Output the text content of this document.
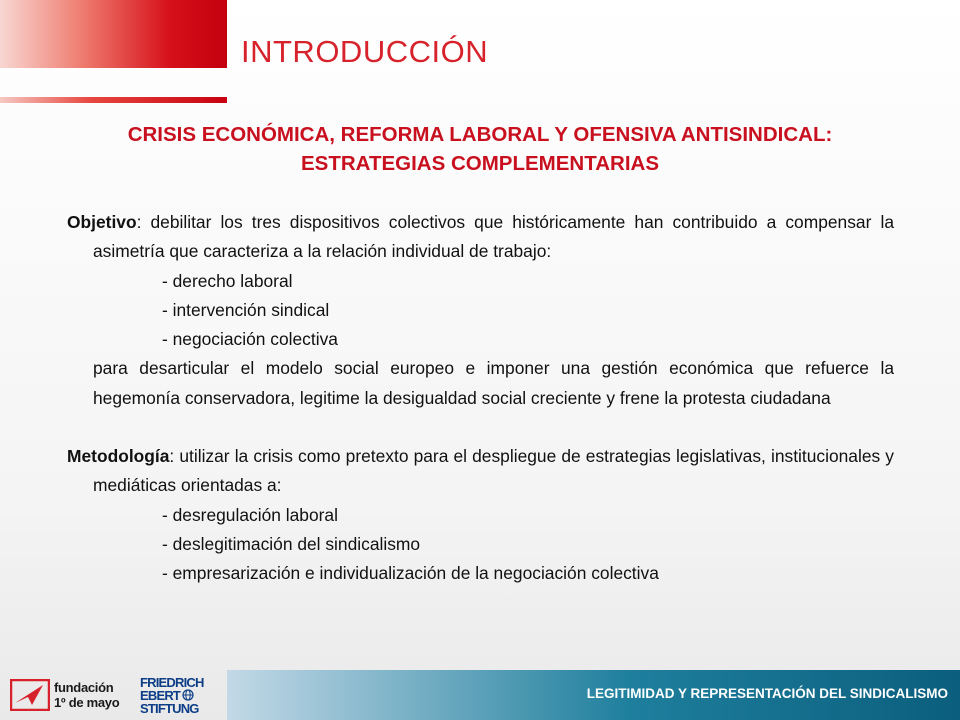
INTRODUCCIÓN
CRISIS ECONÓMICA, REFORMA LABORAL Y OFENSIVA ANTISINDICAL: ESTRATEGIAS COMPLEMENTARIAS

Objetivo: debilitar los tres dispositivos colectivos que históricamente han contribuido a compensar la asimetría que caracteriza a la relación individual de trabajo:

- derecho laboral
- intervención sindical
- negociación colectiva

para desarticular el modelo social europeo e imponer una gestión económica que refuerce la hegemonía conservadora, legitime la desigualdad social creciente y frene la protesta ciudadana

Metodología: utilizar la crisis como pretexto para el despliegue de estrategias legislativas, institucionales y mediáticas orientadas a:

- desregulación laboral
- deslegitimación del sindicalismo
- empresarización e individualización de la negociación colectiva
fundación
1º de mayo
FRIEDRICH
EBERT
STIFTUNG
LEGITIMIDAD Y REPRESENTACIÓN DEL SINDICALISMO
